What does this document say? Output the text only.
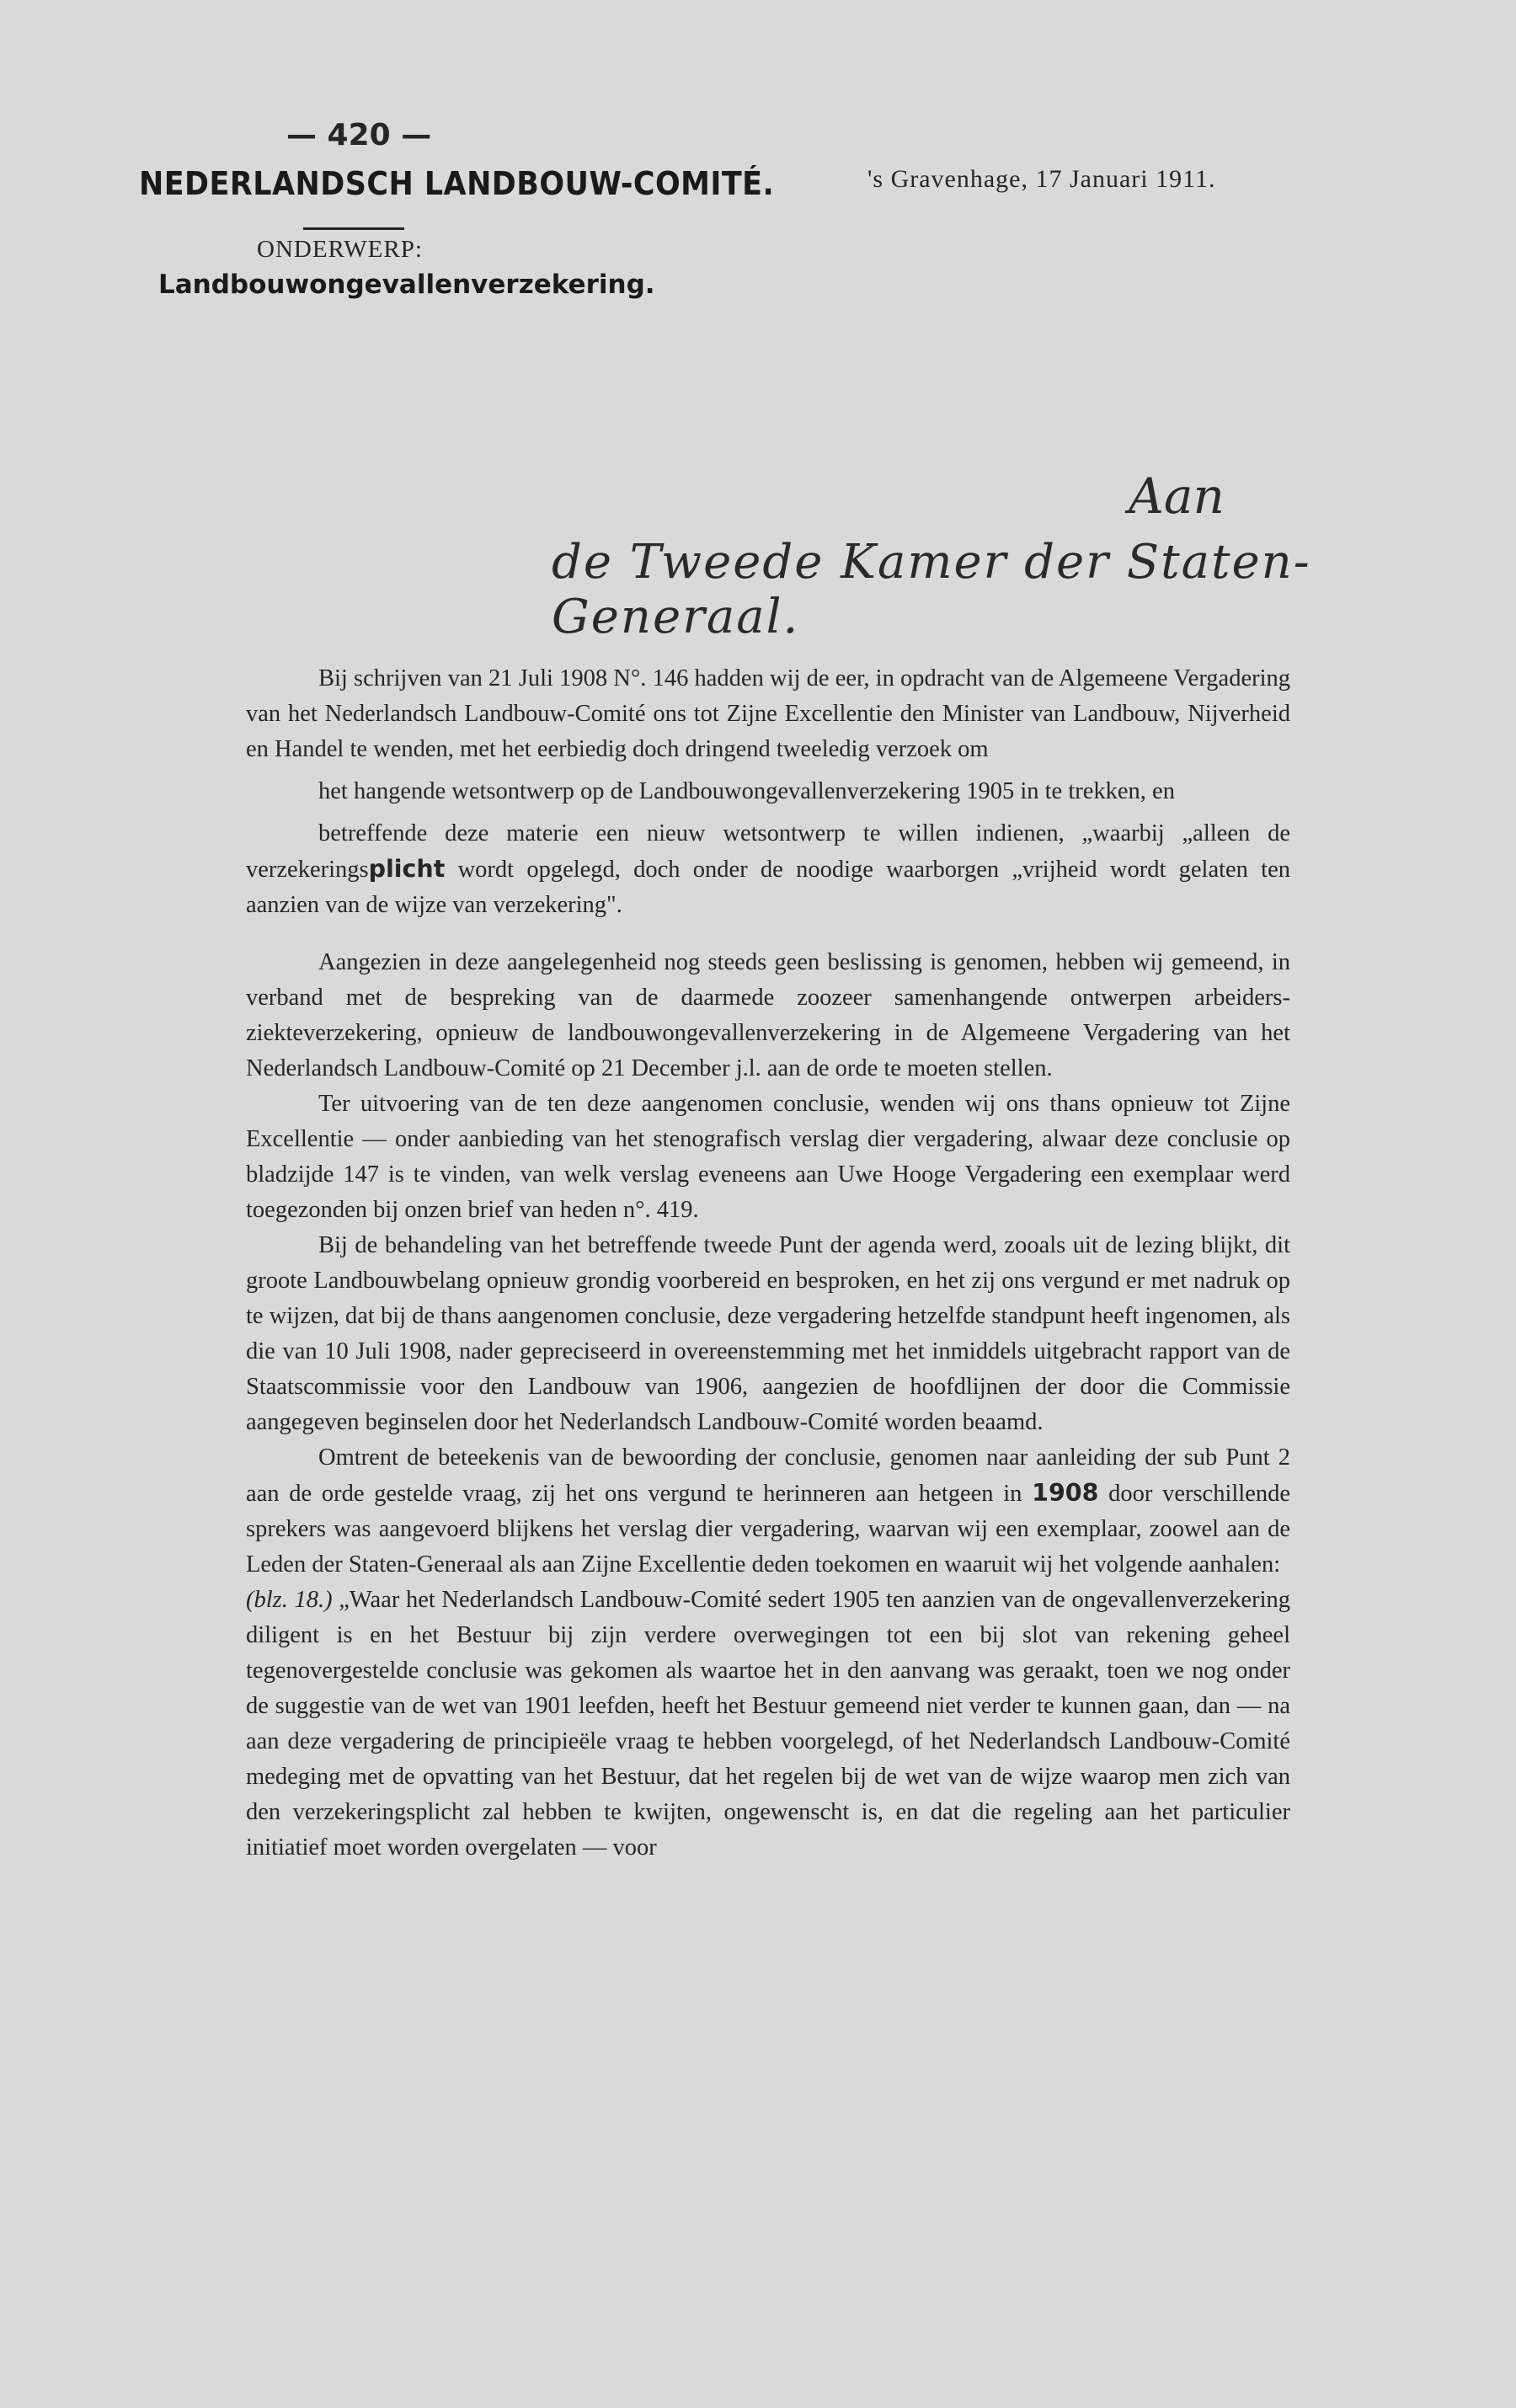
— 420 —
NEDERLANDSCH LANDBOUW-COMITÉ.	's Gravenhage, 17 Januari 1911.
ONDERWERP:
Landbouwongevallenverzekering.
Aan
de Tweede Kamer der Staten-Generaal.

Bij schrijven van 21 Juli 1908 N°. 146 hadden wij de eer, in opdracht van de Algemeene Vergadering van het Nederlandsch Landbouw-Comité ons tot Zijne Excellentie den Minister van Landbouw, Nijverheid en Handel te wenden, met het eerbiedig doch dringend tweeledig verzoek om

het hangende wetsontwerp op de Landbouwongevallenverzekering 1905 in te trekken, en

betreffende deze materie een nieuw wetsontwerp te willen indienen, „waarbij „alleen de verzekeringsplicht wordt opgelegd, doch onder de noodige waarborgen „vrijheid wordt gelaten ten aanzien van de wijze van verzekering".

Aangezien in deze aangelegenheid nog steeds geen beslissing is genomen, hebben wij gemeend, in verband met de bespreking van de daarmede zoozeer samenhangende ontwerpen arbeiders-ziekteverzekering, opnieuw de landbouwongevallenverzekering in de Algemeene Vergadering van het Nederlandsch Landbouw-Comité op 21 December j.l. aan de orde te moeten stellen.

Ter uitvoering van de ten deze aangenomen conclusie, wenden wij ons thans opnieuw tot Zijne Excellentie — onder aanbieding van het stenografisch verslag dier vergadering, alwaar deze conclusie op bladzijde 147 is te vinden, van welk verslag eveneens aan Uwe Hooge Vergadering een exemplaar werd toegezonden bij onzen brief van heden n°. 419.

Bij de behandeling van het betreffende tweede Punt der agenda werd, zooals uit de lezing blijkt, dit groote Landbouwbelang opnieuw grondig voorbereid en besproken, en het zij ons vergund er met nadruk op te wijzen, dat bij de thans aangenomen conclusie, deze vergadering hetzelfde standpunt heeft ingenomen, als die van 10 Juli 1908, nader gepreciseerd in overeenstemming met het inmiddels uitgebracht rapport van de Staatscommissie voor den Landbouw van 1906, aangezien de hoofdlijnen der door die Commissie aangegeven beginselen door het Nederlandsch Landbouw-Comité worden beaamd.

Omtrent de beteekenis van de bewoording der conclusie, genomen naar aanleiding der sub Punt 2 aan de orde gestelde vraag, zij het ons vergund te herinneren aan hetgeen in 1908 door verschillende sprekers was aangevoerd blijkens het verslag dier vergadering, waarvan wij een exemplaar, zoowel aan de Leden der Staten-Generaal als aan Zijne Excellentie deden toekomen en waaruit wij het volgende aanhalen:

(blz. 18.) „Waar het Nederlandsch Landbouw-Comité sedert 1905 ten aanzien van de ongevallenverzekering diligent is en het Bestuur bij zijn verdere overwegingen tot een bij slot van rekening geheel tegenovergestelde conclusie was gekomen als waartoe het in den aanvang was geraakt, toen we nog onder de suggestie van de wet van 1901 leefden, heeft het Bestuur gemeend niet verder te kunnen gaan, dan — na aan deze vergadering de principieële vraag te hebben voorgelegd, of het Nederlandsch Landbouw-Comité medeging met de opvatting van het Bestuur, dat het regelen bij de wet van de wijze waarop men zich van den verzekeringsplicht zal hebben te kwijten, ongewenscht is, en dat die regeling aan het particulier initiatief moet worden overgelaten — voor
